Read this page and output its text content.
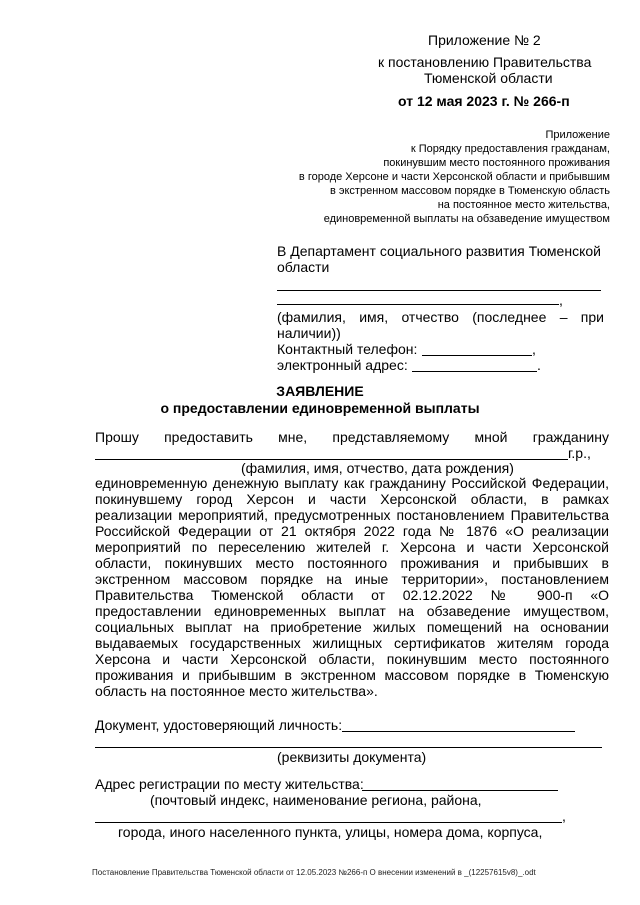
Приложение № 2
к постановлению Правительства
Тюменской области
от 12 мая 2023 г. № 266-п
Приложение
к Порядку предоставления гражданам,
покинувшим место постоянного проживания
в городе Херсоне и части Херсонской области и прибывшим
в экстренном массовом порядке в Тюменскую область
на постоянное место жительства,
единовременной выплаты на обзаведение имуществом
В Департамент социального развития Тюменской
области
,
(фамилия, имя, отчество (последнее – при
наличии))
Контактный телефон:	,
электронный адрес:	.
ЗАЯВЛЕНИЕ
о предоставлении единовременной выплаты
Прошу предоставить мне, представляемому мной гражданину
г.р.,
(фамилия, имя, отчество, дата рождения)
единовременную денежную выплату как гражданину Российской Федерации,
покинувшему город Херсон и части Херсонской области, в рамках
реализации мероприятий, предусмотренных постановлением Правительства
Российской Федерации от 21 октября 2022 года № 1876 «О реализации
мероприятий по переселению жителей г. Херсона и части Херсонской
области, покинувших место постоянного проживания и прибывших в
экстренном массовом порядке на иные территории», постановлением
Правительства Тюменской области от 02.12.2022 № 900-п «О
предоставлении единовременных выплат на обзаведение имуществом,
социальных выплат на приобретение жилых помещений на основании
выдаваемых государственных жилищных сертификатов жителям города
Херсона и части Херсонской области, покинувшим место постоянного
проживания и прибывшим в экстренном массовом порядке в Тюменскую
область на постоянное место жительства».
Документ, удостоверяющий личность:
(реквизиты документа)
Адрес регистрации по месту жительства:
(почтовый индекс, наименование региона, района,
,
города, иного населенного пункта, улицы, номера дома, корпуса,
Постановление Правительства Тюменской области от 12.05.2023 №266-п О внесении изменений в _(12257615v8)_.odt
